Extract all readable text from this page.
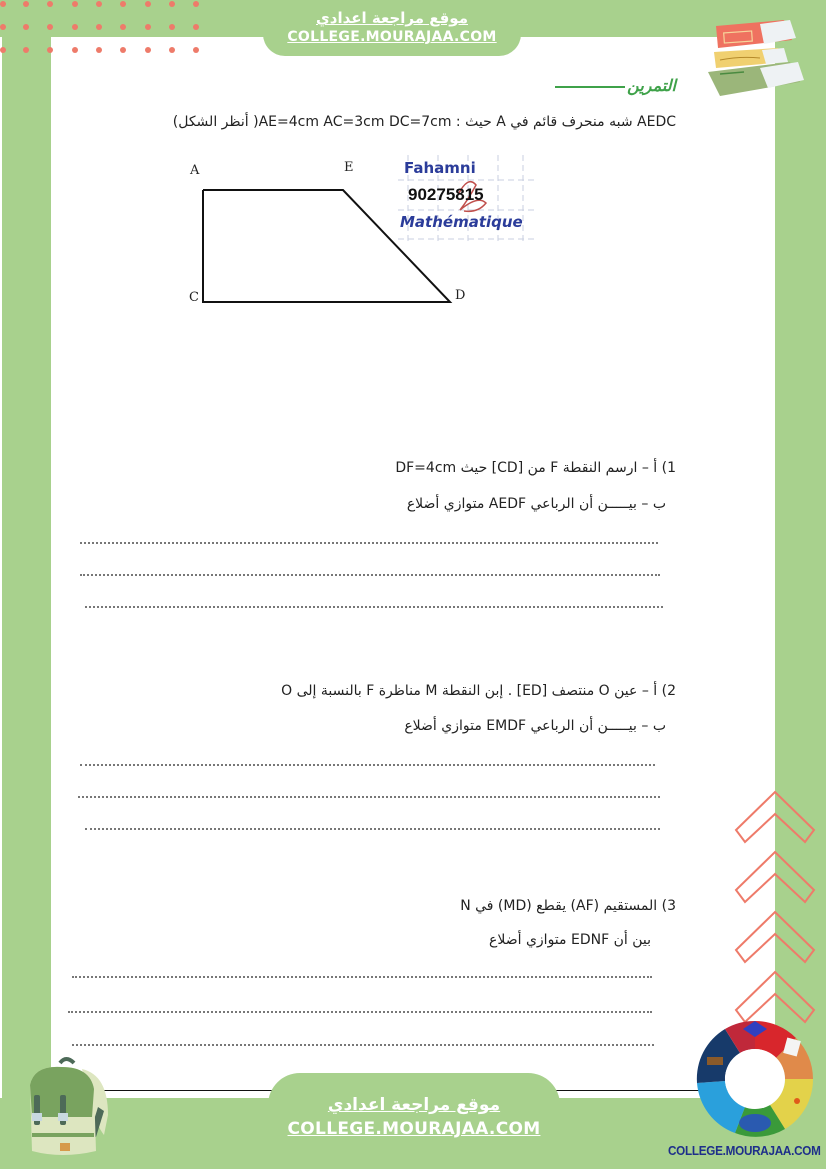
موقع مراجعة اعدادي
COLLEGE.MOURAJAA.COM
التمرين
AEDC شبه منحرف قائم في A حيث : AE=4cm AC=3cm DC=7cm( أنظر الشكل)
A	E
C	D
Fahamni
90275815
Mathématique
1) أ – ارسم النقطة F من [CD] حيث DF=4cm
ب – بيـــــن أن الرباعي AEDF متوازي أضلاع
2) أ – عين O منتصف [ED] . إبن النقطة M مناظرة F بالنسبة إلى O
ب – بيـــــن أن الرباعي EMDF متوازي أضلاع
3) المستقيم (AF) يقطع (MD) في N
بين أن EDNF متوازي أضلاع
موقع مراجعة اعدادي
COLLEGE.MOURAJAA.COM
COLLEGE.MOURAJAA.COM
